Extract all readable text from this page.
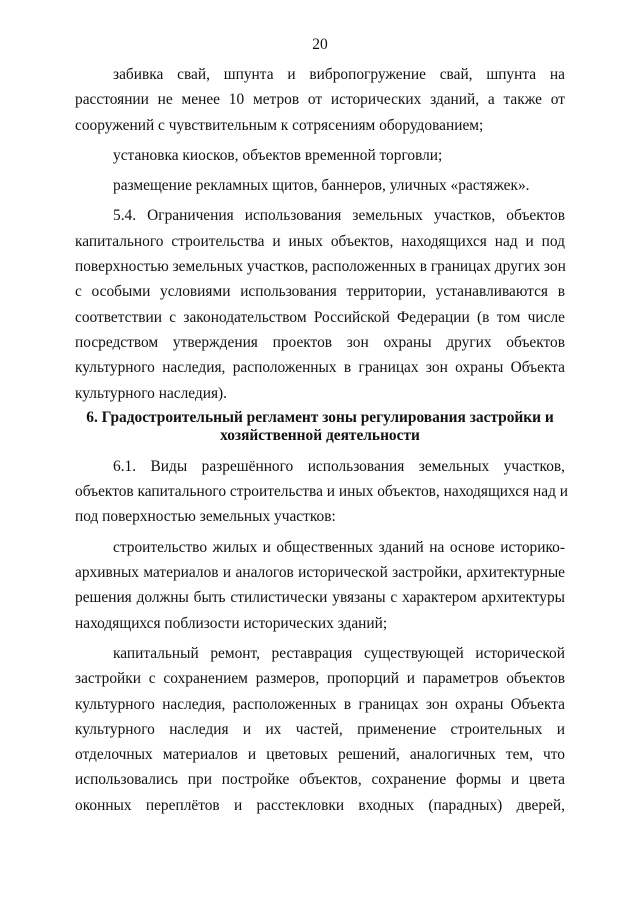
20
забивка свай, шпунта и вибропогружение свай, шпунта на
расстоянии не менее 10 метров от исторических зданий, а также от
сооружений с чувствительным к сотрясениям оборудованием;
установка киосков, объектов временной торговли;
размещение рекламных щитов, баннеров, уличных «растяжек».
5.4. Ограничения использования земельных участков, объектов
капитального строительства и иных объектов, находящихся над и под
поверхностью земельных участков, расположенных в границах других зон
с особыми условиями использования территории, устанавливаются в
соответствии с законодательством Российской Федерации (в том числе
посредством утверждения проектов зон охраны других объектов
культурного наследия, расположенных в границах зон охраны Объекта
культурного наследия).
6. Градостроительный регламент зоны регулирования застройки и
хозяйственной деятельности
6.1. Виды разрешённого использования земельных участков,
объектов капитального строительства и иных объектов, находящихся над и
под поверхностью земельных участков:
строительство жилых и общественных зданий на основе историко-
архивных материалов и аналогов исторической застройки, архитектурные
решения должны быть стилистически увязаны с характером архитектуры
находящихся поблизости исторических зданий;
капитальный ремонт, реставрация существующей исторической
застройки с сохранением размеров, пропорций и параметров объектов
культурного наследия, расположенных в границах зон охраны Объекта
культурного наследия и их частей, применение строительных и
отделочных материалов и цветовых решений, аналогичных тем, что
использовались при постройке объектов, сохранение формы и цвета
оконных переплётов и расстекловки входных (парадных) дверей,
